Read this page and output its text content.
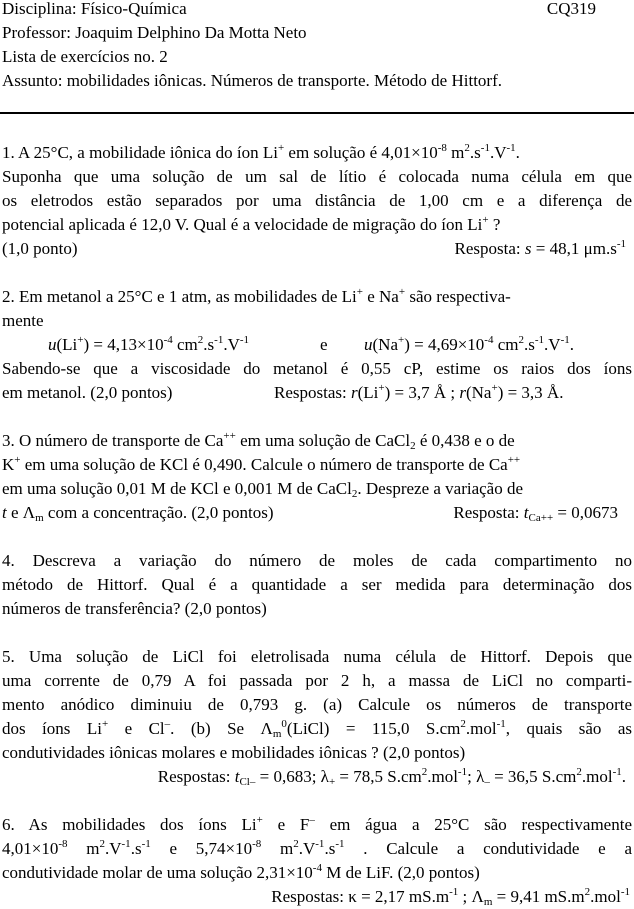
Disciplina: Físico-Química	CQ319
Professor: Joaquim Delphino Da Motta Neto
Lista de exercícios no. 2
Assunto: mobilidades iônicas. Números de transporte. Método de Hittorf.
1. A 25°C, a mobilidade iônica do íon Li+ em solução é $4,01\times 10^{-8}$ $m^2.s^{-1}.V^{-1}$.
Suponha que uma solução de um sal de lítio é colocada numa célula em que
os eletrodos estão separados por uma distância de 1,00 cm e a diferença de
potencial aplicada é 12,0 V. Qual é a velocidade de migração do íon Li+ ?
(1,0 ponto)	Resposta: s = 48,1 $\mu m.s^{-1}$
2. Em metanol a 25°C e 1 atm, as mobilidades de Li+ e Na+ são respectiva-
mente
$u(Li^+) = 4,13\times 10^{-4}$ $cm^2.s^{-1}.V^{-1}$	e $u(Na^+) = 4,69\times 10^{-4}$ $cm^2.s^{-1}.V^{-1}$.
Sabendo-se que a viscosidade do metanol é 0,55 cP, estime os raios dos íons
em metanol. (2,0 pontos)	Respostas: r(Li+) = 3,7 Å ; r(Na+) = 3,3 Å.
3. O número de transporte de Ca++ em uma solução de CaCl$_2$ é 0,438 e o de
K+ em uma solução de KCl é 0,490. Calcule o número de transporte de Ca++
em uma solução 0,01 M de KCl e 0,001 M de CaCl$_2$. Despreze a variação de
t e $\Lambda_m$ com a concentração. (2,0 pontos)	Resposta: $t_{Ca++} = 0,0673$
4. Descreva a variação do número de moles de cada compartimento no
método de Hittorf. Qual é a quantidade a ser medida para determinação dos
números de transferência? (2,0 pontos)
5. Uma solução de LiCl foi eletrolisada numa célula de Hittorf. Depois que
uma corrente de 0,79 A foi passada por 2 h, a massa de LiCl no comparti-
mento anódico diminuiu de 0,793 g. (a) Calcule os números de transporte
dos íons Li+ e Cl–. (b) Se $\Lambda_m^0(LiCl) = 115,0$ $S.cm^2.mol^{-1}$, quais são as
condutividades iônicas molares e mobilidades iônicas ? (2,0 pontos)
Respostas: $t_{Cl-} = 0,683$; $\lambda_+ = 78,5$ $S.cm^2.mol^{-1}$; $\lambda_- = 36,5$ $S.cm^2.mol^{-1}$.
6. As mobilidades dos íons Li+ e F– em água a 25°C são respectivamente
$4,01\times 10^{-8}$ $m^2.V^{-1}.s^{-1}$ e $5,74\times 10^{-8}$ $m^2.V^{-1}.s^{-1}$ . Calcule a condutividade e a
condutividade molar de uma solução $2,31\times 10^{-4}$ M de LiF. (2,0 pontos)
Respostas: κ = 2,17 $mS.m^{-1}$ ; $\Lambda_m = 9,41$ $mS.m^2.mol^{-1}$
